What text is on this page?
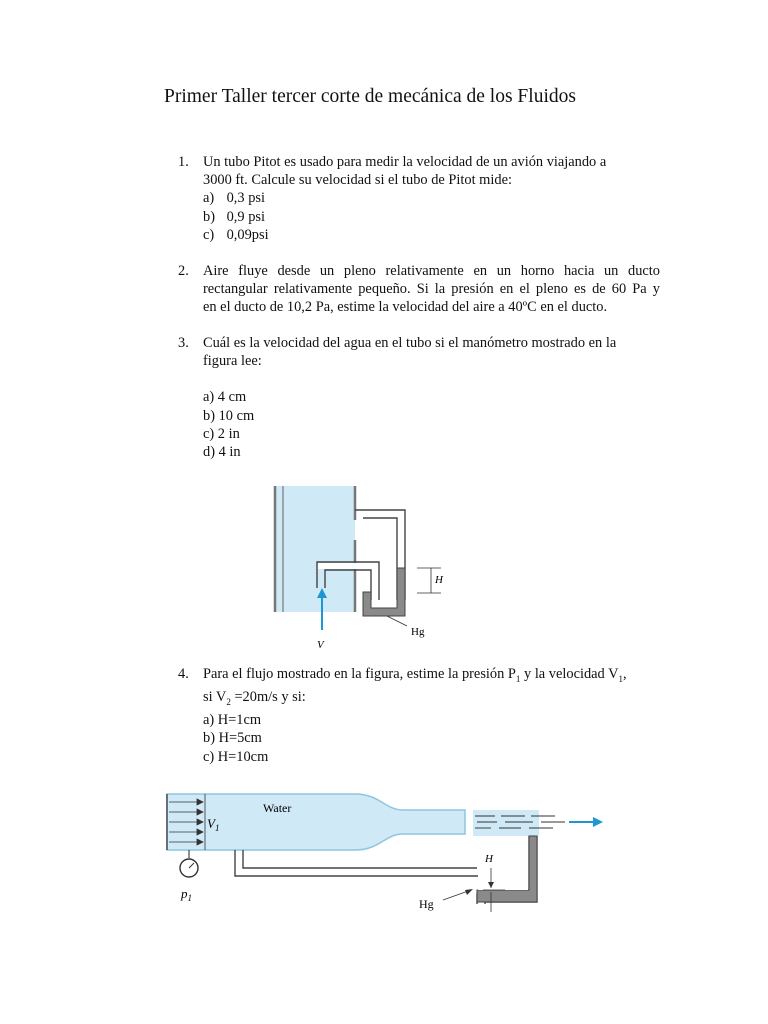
Primer Taller tercer corte de mecánica de los Fluidos
1. Un tubo Pitot es usado para medir la velocidad de un avión viajando a
3000 ft. Calcule su velocidad si el tubo de Pitot mide:
a) 0,3 psi
b) 0,9 psi
c) 0,09psi
2. Aire fluye desde un pleno relativamente en un horno hacia un ducto
rectangular relativamente pequeño. Si la presión en el pleno es de 60 Pa y
en el ducto de 10,2 Pa, estime la velocidad del aire a 40ºC en el ducto.
3. Cuál es la velocidad del agua en el tubo si el manómetro mostrado en la
figura lee:
a) 4 cm
b) 10 cm
c) 2 in
d) 4 in
H
V
Hg
4. Para el flujo mostrado en la figura, estime la presión $P_1$ y la velocidad $V_1$,
si $V_2 =20m/s$ y si:
a) H=1cm
b) H=5cm
c) H=10cm
Water
$V_1$
$p_1$
H
Hg
